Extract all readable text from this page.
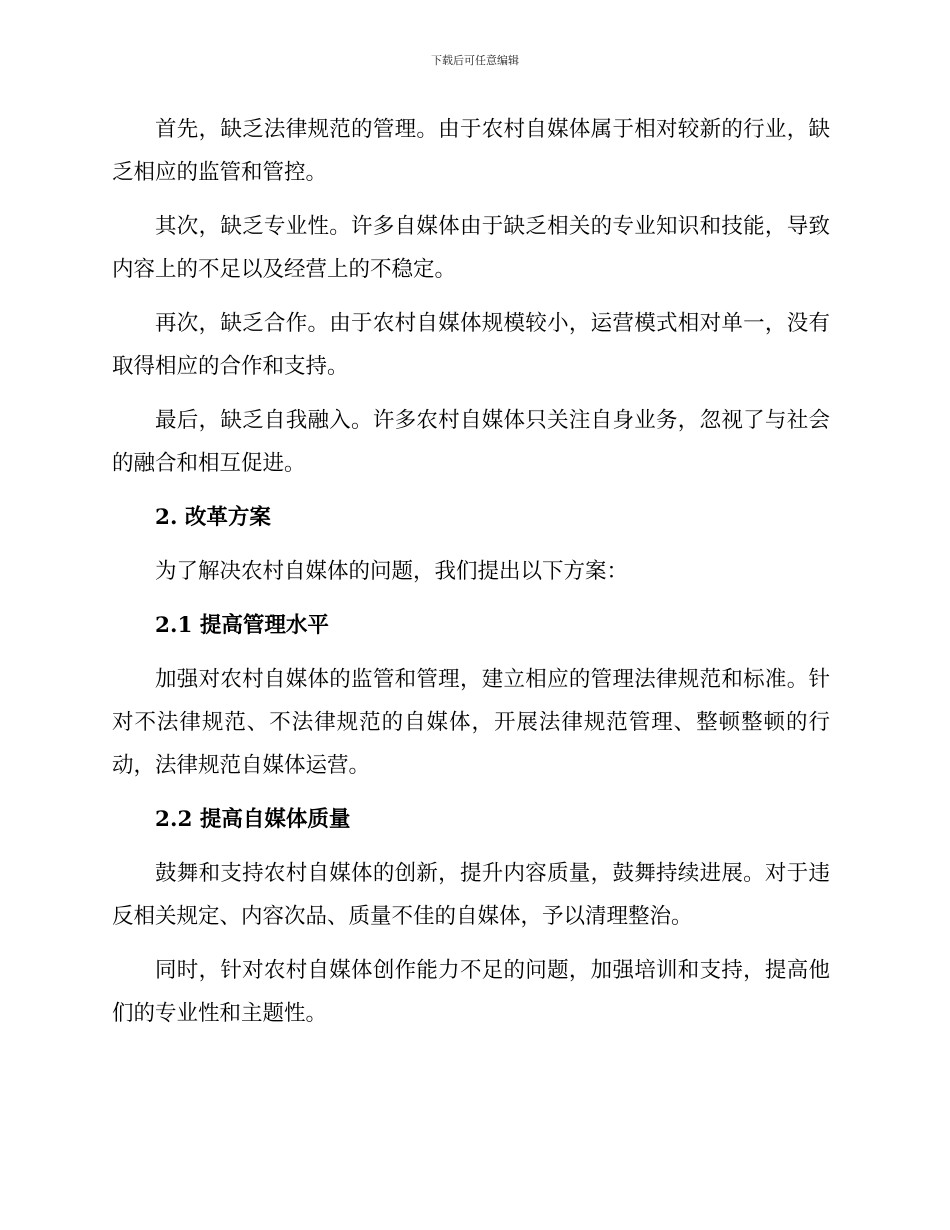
下载后可任意编辑

首先，缺乏法律规范的管理。由于农村自媒体属于相对较新的行业，缺乏相应的监管和管控。

其次，缺乏专业性。许多自媒体由于缺乏相关的专业知识和技能，导致内容上的不足以及经营上的不稳定。

再次，缺乏合作。由于农村自媒体规模较小，运营模式相对单一，没有取得相应的合作和支持。

最后，缺乏自我融入。许多农村自媒体只关注自身业务，忽视了与社会的融合和相互促进。

2. 改革方案

为了解决农村自媒体的问题，我们提出以下方案：

2.1 提高管理水平

加强对农村自媒体的监管和管理，建立相应的管理法律规范和标准。针对不法律规范、不法律规范的自媒体，开展法律规范管理、整顿整顿的行动，法律规范自媒体运营。

2.2 提高自媒体质量

鼓舞和支持农村自媒体的创新，提升内容质量，鼓舞持续进展。对于违反相关规定、内容次品、质量不佳的自媒体，予以清理整治。

同时，针对农村自媒体创作能力不足的问题，加强培训和支持，提高他们的专业性和主题性。
